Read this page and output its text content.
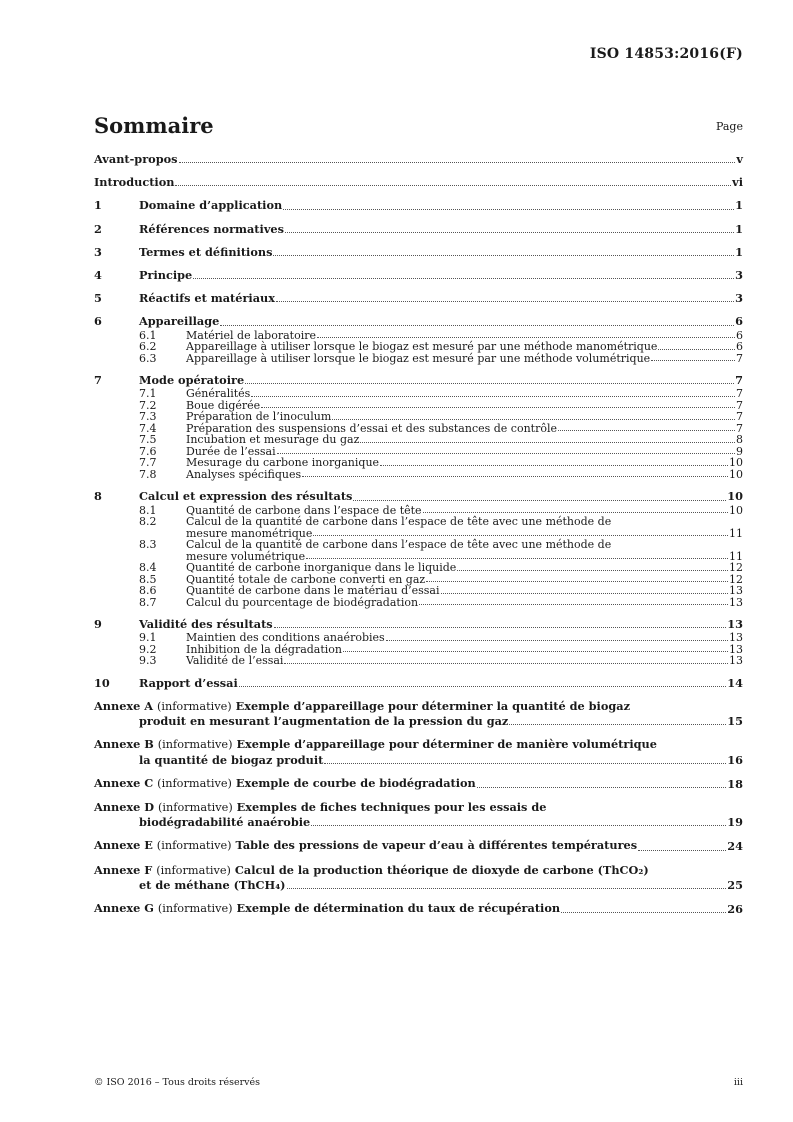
ISO 14853:2016(F)
Sommaire	Page
Avant-propos	v
Introduction	vi
1	Domaine d’application	1
2	Références normatives	1
3	Termes et définitions	1
4	Principe	3
5	Réactifs et matériaux	3
6	Appareillage	6
6.1	Matériel de laboratoire	6
6.2	Appareillage à utiliser lorsque le biogaz est mesuré par une méthode manométrique	6
6.3	Appareillage à utiliser lorsque le biogaz est mesuré par une méthode volumétrique	7
7	Mode opératoire	7
7.1	Généralités	7
7.2	Boue digérée	7
7.3	Préparation de l’inoculum	7
7.4	Préparation des suspensions d’essai et des substances de contrôle	7
7.5	Incubation et mesurage du gaz	8
7.6	Durée de l’essai	9
7.7	Mesurage du carbone inorganique	10
7.8	Analyses spécifiques	10
8	Calcul et expression des résultats	10
8.1	Quantité de carbone dans l’espace de tête	10
8.2	Calcul de la quantité de carbone dans l’espace de tête avec une méthode de
mesure manométrique	11
8.3	Calcul de la quantité de carbone dans l’espace de tête avec une méthode de
mesure volumétrique	11
8.4	Quantité de carbone inorganique dans le liquide	12
8.5	Quantité totale de carbone converti en gaz	12
8.6	Quantité de carbone dans le matériau d’essai	13
8.7	Calcul du pourcentage de biodégradation	13
9	Validité des résultats	13
9.1	Maintien des conditions anaérobies	13
9.2	Inhibition de la dégradation	13
9.3	Validité de l’essai	13
10	Rapport d’essai	14
Annexe A (informative) Exemple d’appareillage pour déterminer la quantité de biogaz
produit en mesurant l’augmentation de la pression du gaz	15
Annexe B (informative) Exemple d’appareillage pour déterminer de manière volumétrique
la quantité de biogaz produit	16
Annexe C (informative) Exemple de courbe de biodégradation	18
Annexe D (informative) Exemples de fiches techniques pour les essais de
biodégradabilité anaérobie	19
Annexe E (informative) Table des pressions de vapeur d’eau à différentes températures	24
Annexe F (informative) Calcul de la production théorique de dioxyde de carbone (ThCO₂)
et de méthane (ThCH₄)	25
Annexe G (informative) Exemple de détermination du taux de récupération	26
© ISO 2016 – Tous droits réservés	iii
